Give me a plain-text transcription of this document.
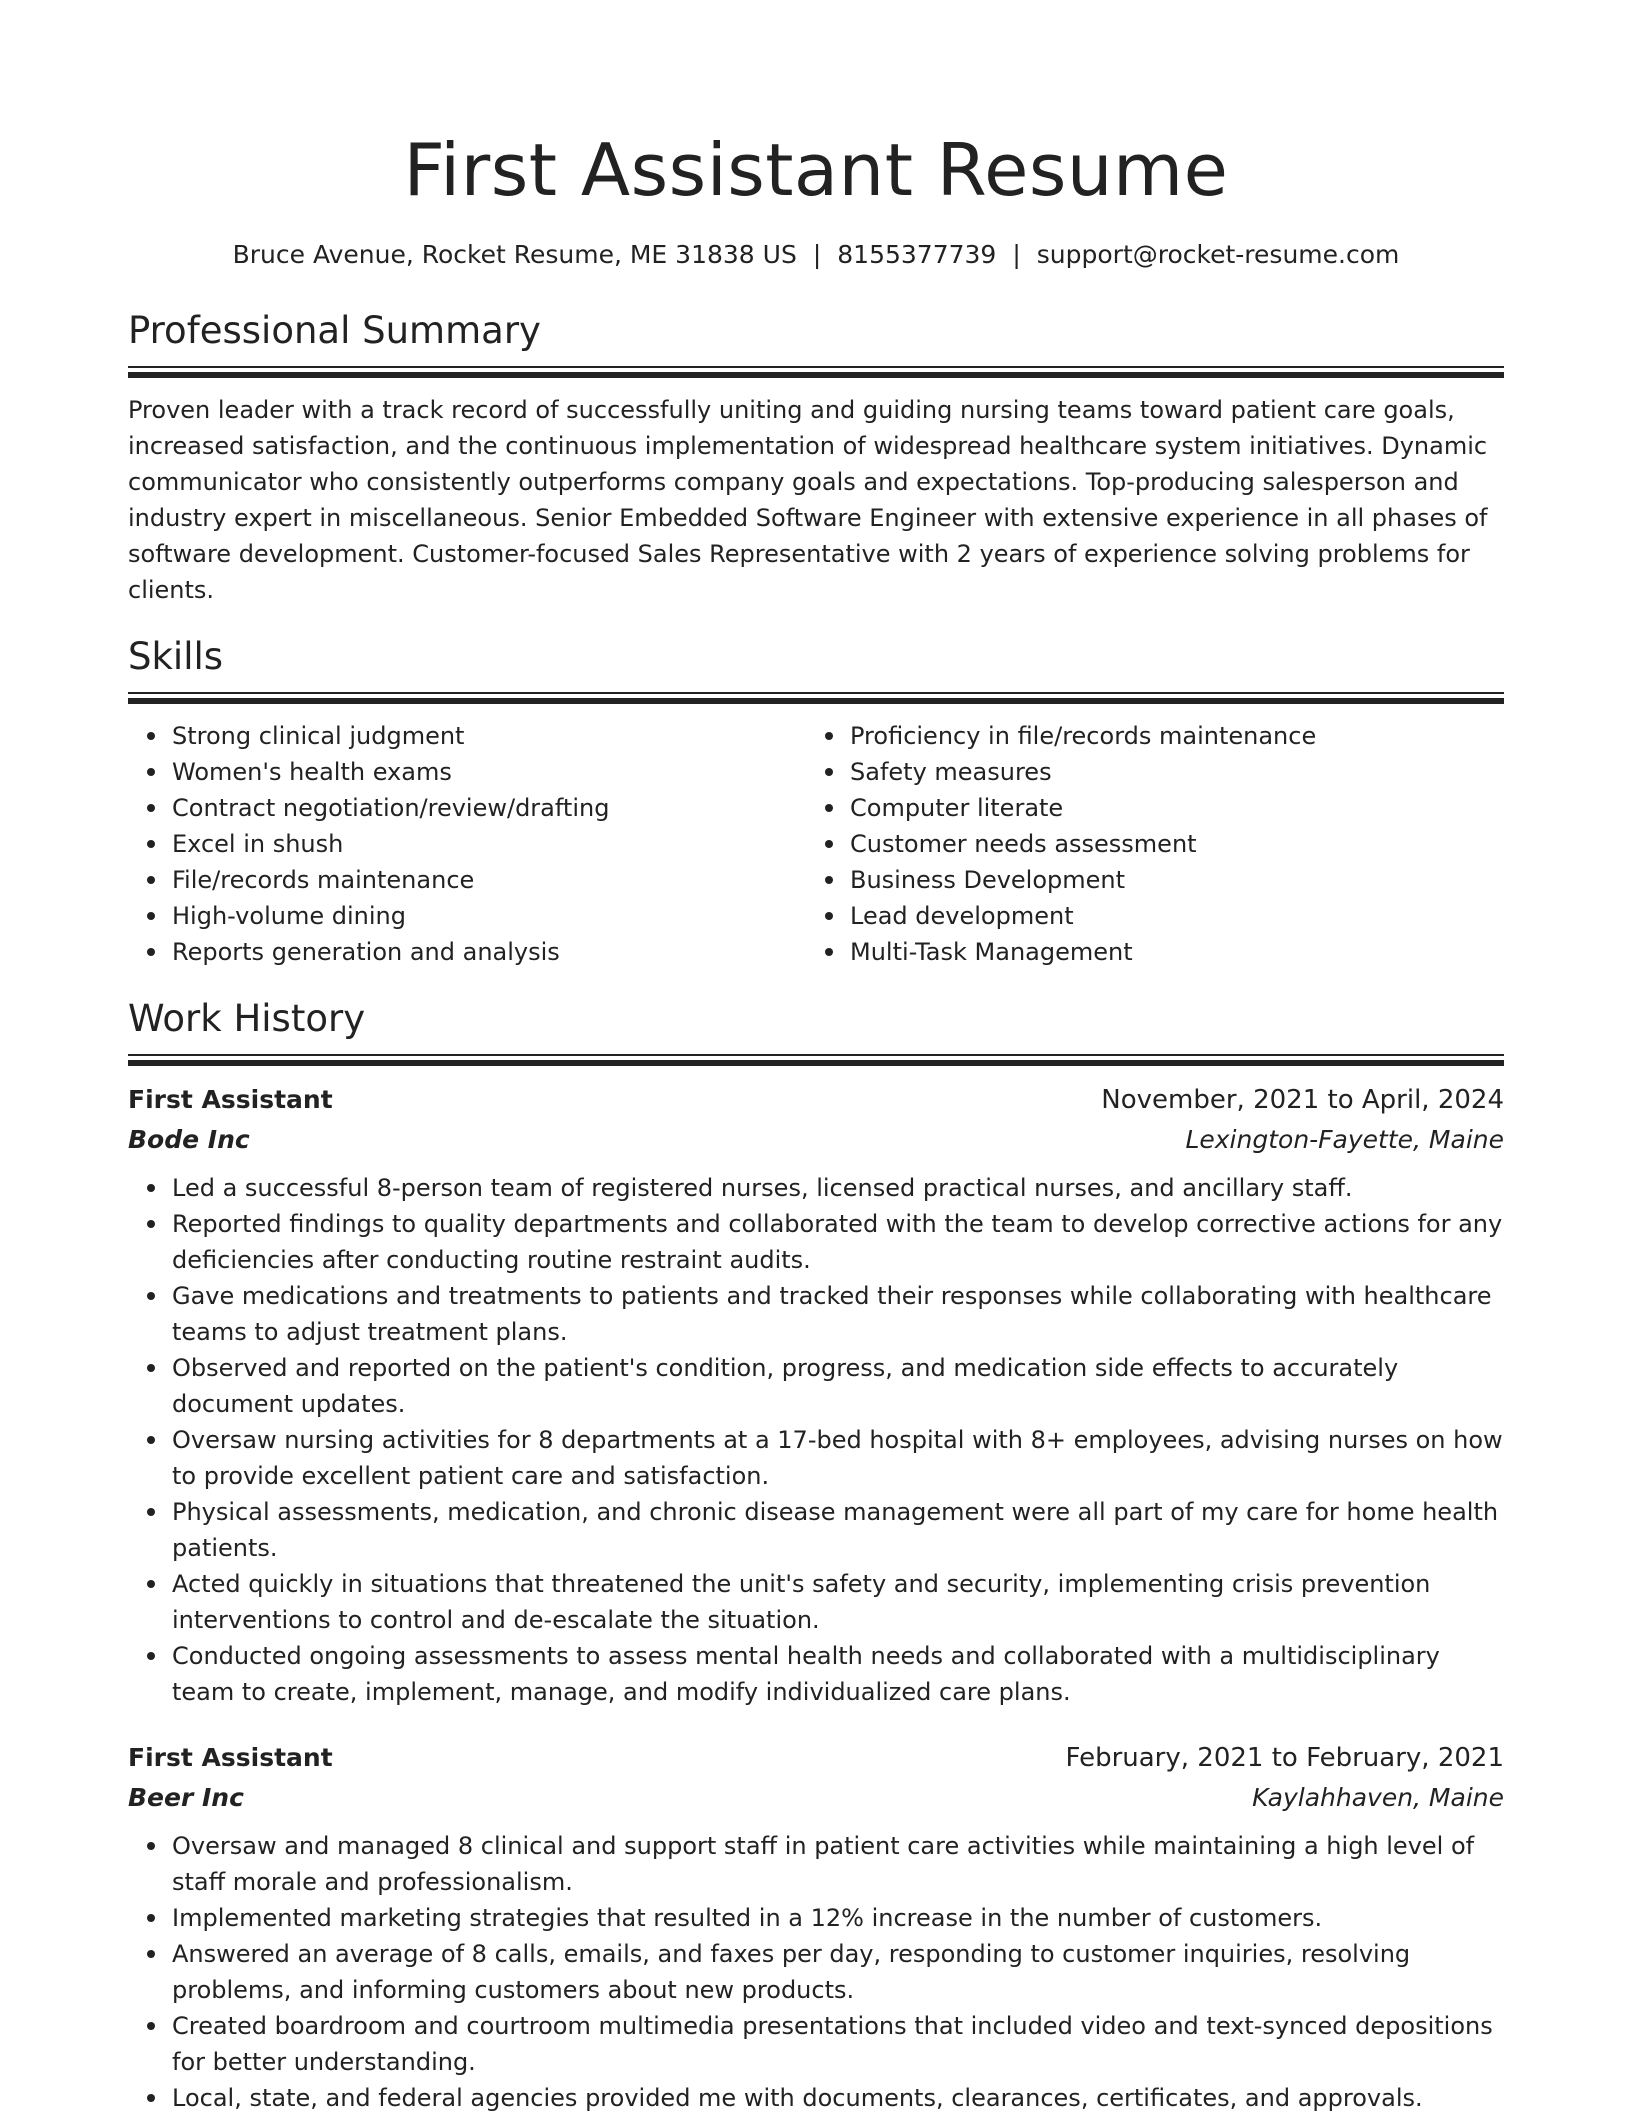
First Assistant Resume
Bruce Avenue, Rocket Resume, ME 31838 US | 8155377739 | support@rocket-resume.com
Professional Summary

Proven leader with a track record of successfully uniting and guiding nursing teams toward patient care goals, increased satisfaction, and the continuous implementation of widespread healthcare system initiatives. Dynamic communicator who consistently outperforms company goals and expectations. Top-producing salesperson and industry expert in miscellaneous. Senior Embedded Software Engineer with extensive experience in all phases of software development. Customer-focused Sales Representative with 2 years of experience solving problems for clients.

Skills
Strong clinical judgment
Women's health exams
Contract negotiation/review/drafting
Excel in shush
File/records maintenance
High-volume dining
Reports generation and analysis
Proficiency in file/records maintenance
Safety measures
Computer literate
Customer needs assessment
Business Development
Lead development
Multi-Task Management
Work History
First Assistant	November, 2021 to April, 2024
Bode Inc	Lexington-Fayette, Maine
Led a successful 8-person team of registered nurses, licensed practical nurses, and ancillary staff.
Reported findings to quality departments and collaborated with the team to develop corrective actions for any deficiencies after conducting routine restraint audits.
Gave medications and treatments to patients and tracked their responses while collaborating with healthcare teams to adjust treatment plans.
Observed and reported on the patient's condition, progress, and medication side effects to accurately document updates.
Oversaw nursing activities for 8 departments at a 17-bed hospital with 8+ employees, advising nurses on how to provide excellent patient care and satisfaction.
Physical assessments, medication, and chronic disease management were all part of my care for home health patients.
Acted quickly in situations that threatened the unit's safety and security, implementing crisis prevention interventions to control and de-escalate the situation.
Conducted ongoing assessments to assess mental health needs and collaborated with a multidisciplinary team to create, implement, manage, and modify individualized care plans.
First Assistant	February, 2021 to February, 2021
Beer Inc	Kaylahhaven, Maine
Oversaw and managed 8 clinical and support staff in patient care activities while maintaining a high level of staff morale and professionalism.
Implemented marketing strategies that resulted in a 12% increase in the number of customers.
Answered an average of 8 calls, emails, and faxes per day, responding to customer inquiries, resolving problems, and informing customers about new products.
Created boardroom and courtroom multimedia presentations that included video and text-synced depositions for better understanding.
Local, state, and federal agencies provided me with documents, clearances, certificates, and approvals.
